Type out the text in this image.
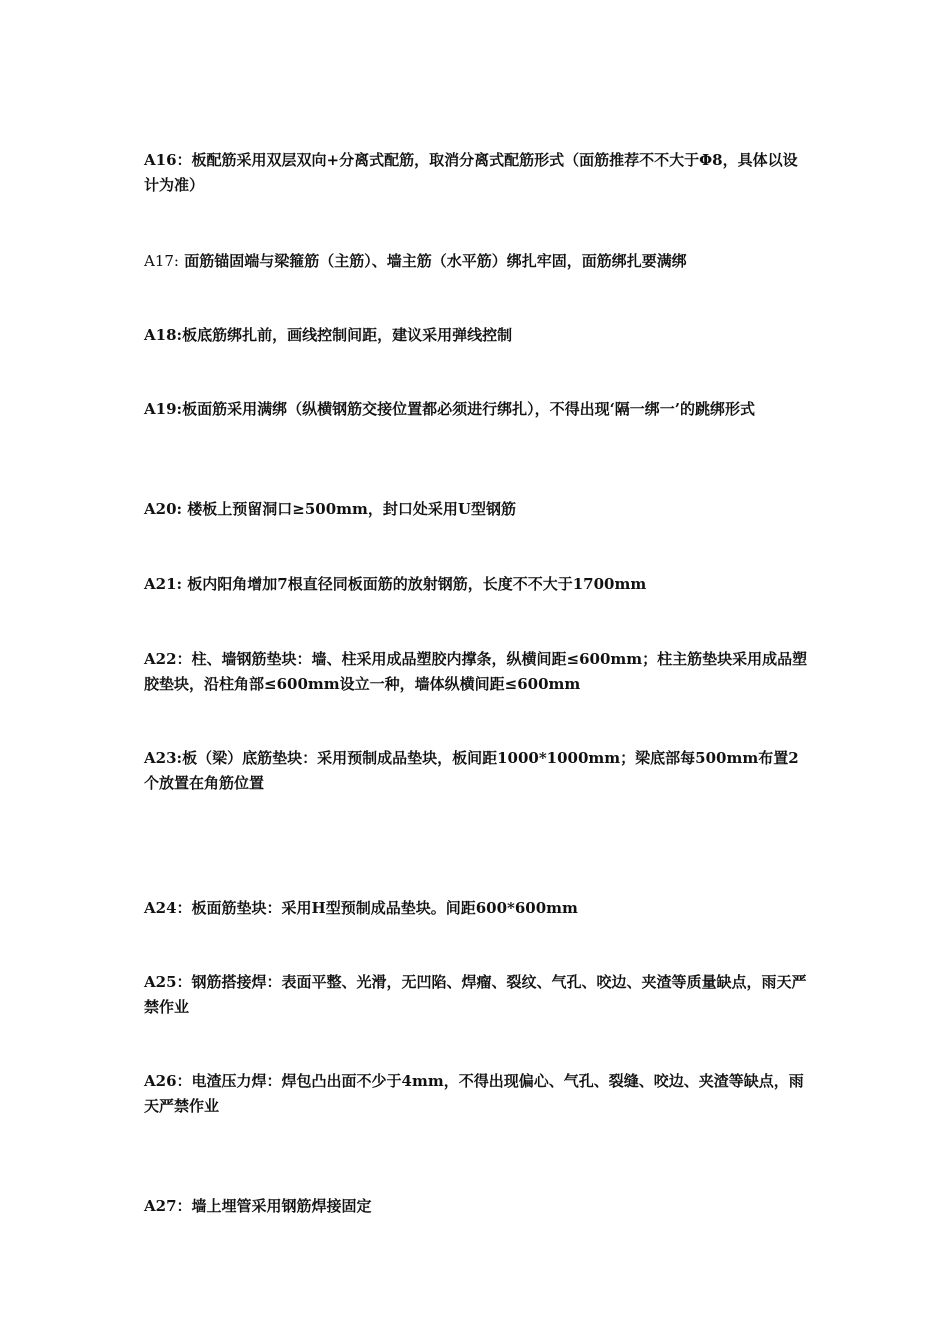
A16：板配筋采用双层双向+分离式配筋，取消分离式配筋形式（面筋推荐不不大于Φ8，具体以设计为准）

A17: 面筋锚固端与梁箍筋（主筋）、墙主筋（水平筋）绑扎牢固，面筋绑扎要满绑

A18:板底筋绑扎前，画线控制间距，建议采用弹线控制

A19:板面筋采用满绑（纵横钢筋交接位置都必须进行绑扎），不得出现‘隔一绑一’的跳绑形式

A20: 楼板上预留洞口≥500mm，封口处采用U型钢筋

A21: 板内阳角增加7根直径同板面筋的放射钢筋，长度不不大于1700mm

A22：柱、墙钢筋垫块：墙、柱采用成品塑胶内撑条，纵横间距≤600mm；柱主筋垫块采用成品塑胶垫块，沿柱角部≤600mm设立一种，墙体纵横间距≤600mm

A23:板（梁）底筋垫块：采用预制成品垫块，板间距1000*1000mm；梁底部每500mm布置2个放置在角筋位置

A24：板面筋垫块：采用H型预制成品垫块。间距600*600mm

A25：钢筋搭接焊：表面平整、光滑，无凹陷、焊瘤、裂纹、气孔、咬边、夹渣等质量缺点，雨天严禁作业

A26：电渣压力焊：焊包凸出面不少于4mm，不得出现偏心、气孔、裂缝、咬边、夹渣等缺点，雨天严禁作业

A27：墙上埋管采用钢筋焊接固定
